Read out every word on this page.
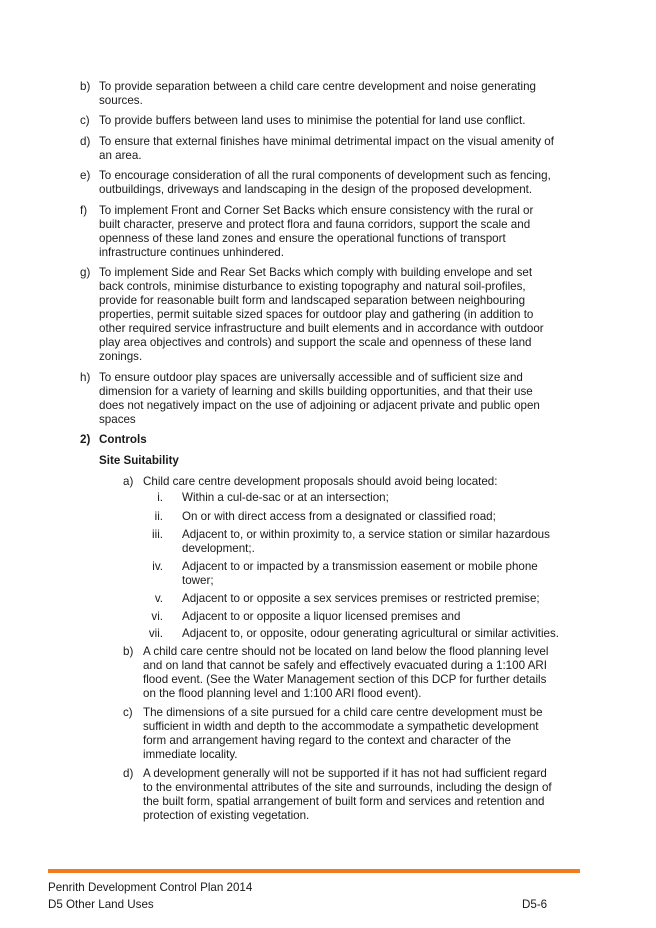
b) To provide separation between a child care centre development and noise generating
sources.
c) To provide buffers between land uses to minimise the potential for land use conflict.
d) To ensure that external finishes have minimal detrimental impact on the visual amenity of
an area.
e) To encourage consideration of all the rural components of development such as fencing,
outbuildings, driveways and landscaping in the design of the proposed development.
f) To implement Front and Corner Set Backs which ensure consistency with the rural or
built character, preserve and protect flora and fauna corridors, support the scale and
openness of these land zones and ensure the operational functions of transport
infrastructure continues unhindered.
g) To implement Side and Rear Set Backs which comply with building envelope and set
back controls, minimise disturbance to existing topography and natural soil-profiles,
provide for reasonable built form and landscaped separation between neighbouring
properties, permit suitable sized spaces for outdoor play and gathering (in addition to
other required service infrastructure and built elements and in accordance with outdoor
play area objectives and controls) and support the scale and openness of these land
zonings.
h) To ensure outdoor play spaces are universally accessible and of sufficient size and
dimension for a variety of learning and skills building opportunities, and that their use
does not negatively impact on the use of adjoining or adjacent private and public open
spaces
2) Controls
Site Suitability
a) Child care centre development proposals should avoid being located:
i. Within a cul-de-sac or at an intersection;
ii. On or with direct access from a designated or classified road;
iii. Adjacent to, or within proximity to, a service station or similar hazardous
development;.
iv. Adjacent to or impacted by a transmission easement or mobile phone
tower;
v. Adjacent to or opposite a sex services premises or restricted premise;
vi. Adjacent to or opposite a liquor licensed premises and
vii. Adjacent to, or opposite, odour generating agricultural or similar activities.
b) A child care centre should not be located on land below the flood planning level
and on land that cannot be safely and effectively evacuated during a 1:100 ARI
flood event. (See the Water Management section of this DCP for further details
on the flood planning level and 1:100 ARI flood event).
c) The dimensions of a site pursued for a child care centre development must be
sufficient in width and depth to the accommodate a sympathetic development
form and arrangement having regard to the context and character of the
immediate locality.
d) A development generally will not be supported if it has not had sufficient regard
to the environmental attributes of the site and surrounds, including the design of
the built form, spatial arrangement of built form and services and retention and
protection of existing vegetation.
Penrith Development Control Plan 2014
D5 Other Land Uses	D5-6
